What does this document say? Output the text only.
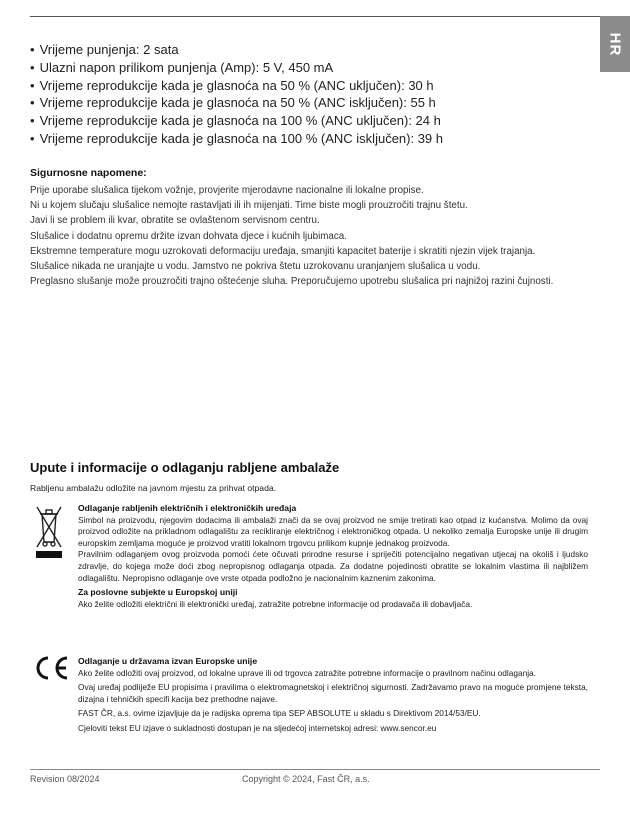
HR
• Vrijeme punjenja: 2 sata
• Ulazni napon prilikom punjenja (Amp): 5 V, 450 mA
• Vrijeme reprodukcije kada je glasnoća na 50 % (ANC uključen): 30 h
• Vrijeme reprodukcije kada je glasnoća na 50 % (ANC isključen): 55 h
• Vrijeme reprodukcije kada je glasnoća na 100 % (ANC uključen): 24 h
• Vrijeme reprodukcije kada je glasnoća na 100 % (ANC isključen): 39 h
Sigurnosne napomene:

Prije uporabe slušalica tijekom vožnje, provjerite mjerodavne nacionalne ili lokalne propise.

Ni u kojem slučaju slušalice nemojte rastavljati ili ih mijenjati. Time biste mogli prouzročiti trajnu štetu.

Javi li se problem ili kvar, obratite se ovlaštenom servisnom centru.

Slušalice i dodatnu opremu držite izvan dohvata djece i kućnih ljubimaca.

Ekstremne temperature mogu uzrokovati deformaciju uređaja, smanjiti kapacitet baterije i skratiti njezin vijek trajanja.

Slušalice nikada ne uranjajte u vodu. Jamstvo ne pokriva štetu uzrokovanu uranjanjem slušalica u vodu.

Preglasno slušanje može prouzročiti trajno oštećenje sluha. Preporučujemo upotrebu slušalica pri najnižoj razini čujnosti.

Upute i informacije o odlaganju rabljene ambalaže

Rabljenu ambalažu odložite na javnom mjestu za prihvat otpada.

Odlaganje rabljenih električnih i elektroničkih uređaja

Simbol na proizvodu, njegovim dodacima ili ambalaži znači da se ovaj proizvod ne smije tretirati kao otpad iz kućanstva. Molimo da ovaj proizvod odložite na prikladnom odlagalištu za recikliranje električnog i elektroničkog otpada. U nekoliko zemalja Europske unije ili drugim europskim zemljama moguće je proizvod vratiti lokalnom trgovcu prilikom kupnje jednakog proizvoda.

Pravilnim odlaganjem ovog proizvoda pomoći ćete očuvati prirodne resurse i spriječiti potencijalno negativan utjecaj na okoliš i ljudsko zdravlje, do kojega može doći zbog nepropisnog odlaganja otpada. Za dodatne pojedinosti obratite se lokalnim vlastima ili najbližem odlagalištu. Nepropisno odlaganje ove vrste otpada podložno je nacionalnim kaznenim zakonima.

Za poslovne subjekte u Europskoj uniji

Ako želite odložiti električni ili elektronički uređaj, zatražite potrebne informacije od prodavača ili dobavljača.

Odlaganje u državama izvan Europske unije

Ako želite odložiti ovaj proizvod, od lokalne uprave ili od trgovca zatražite potrebne informacije o pravilnom načinu odlaganja.

Ovaj uređaj podliježe EU propisima i pravilima o elektromagnetskoj i električnoj sigurnosti. Zadržavamo pravo na moguće promjene teksta, dizajna i tehničkih specifi kacija bez prethodne najave.

FAST ČR, a.s. ovime izjavljuje da je radijska oprema tipa SEP ABSOLUTE u skladu s Direktivom 2014/53/EU.

Cjeloviti tekst EU izjave o sukladnosti dostupan je na sljedećoj internetskoj adresi: www.sencor.eu

Revision 08/2024	Copyright © 2024, Fast ČR, a.s.
